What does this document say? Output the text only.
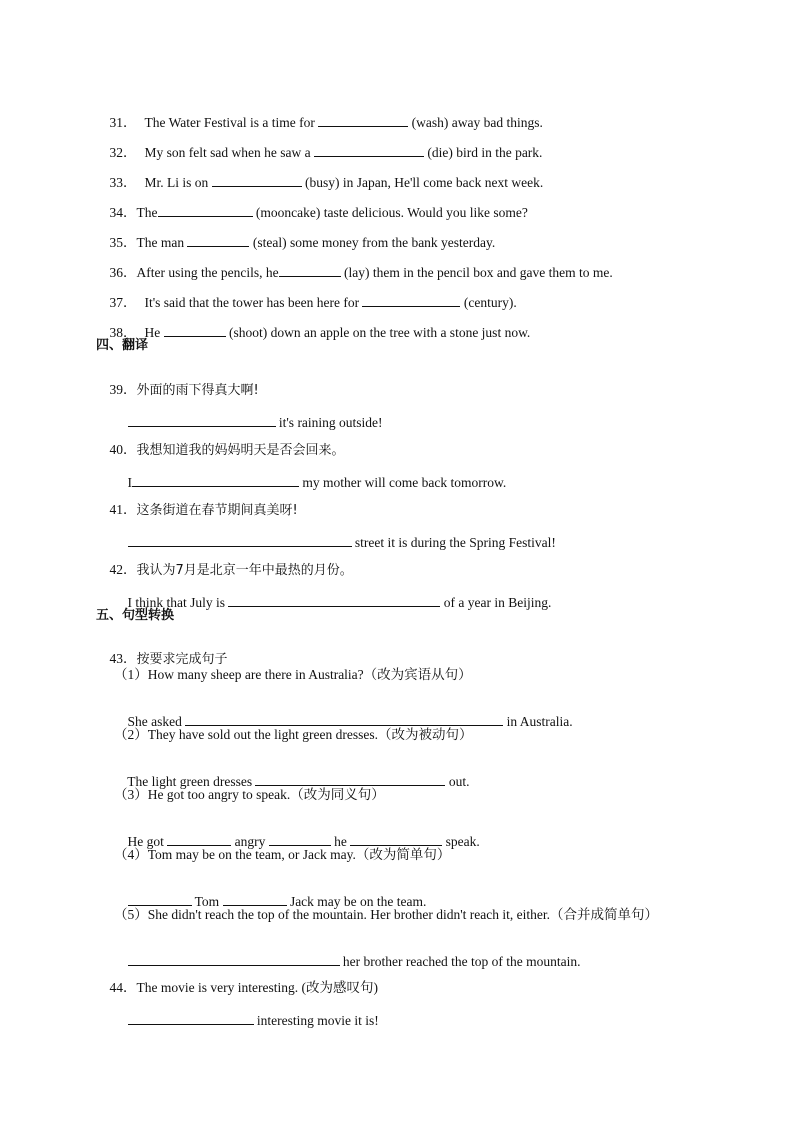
31． The Water Festival is a time for	(wash) away bad things.

32． My son felt sad when he saw a	(die) bird in the park.

33． Mr. Li is on	(busy) in Japan, He'll come back next week.

34．The	(mooncake) taste delicious. Would you like some?

35．The man	(steal) some money from the bank yesterday.

36．After using the pencils, he	(lay) them in the pencil box and gave them to me.

37． It's said that the tower has been here for	(century).

38． He	(shoot) down an apple on the tree with a stone just now.

四、翻译

39．外面的雨下得真大啊!

it's raining outside!

40．我想知道我的妈妈明天是否会回来。

I	my mother will come back tomorrow.

41．这条街道在春节期间真美呀!

street it is during the Spring Festival!

42．我认为7月是北京一年中最热的月份。

I think that July is	of a year in Beijing.

五、句型转换

43．按要求完成句子

（1）How many sheep are there in Australia?（改为宾语从句）

She asked	in Australia.

（2）They have sold out the light green dresses.（改为被动句）

The light green dresses	out.

（3）He got too angry to speak.（改为同义句）

He got	angry	he	speak.

（4）Tom may be on the team, or Jack may.（改为简单句）

Tom	Jack may be on the team.

（5）She didn't reach the top of the mountain. Her brother didn't reach it, either.（合并成简单句）

her brother reached the top of the mountain.

44．The movie is very interesting. (改为感叹句)

interesting movie it is!
